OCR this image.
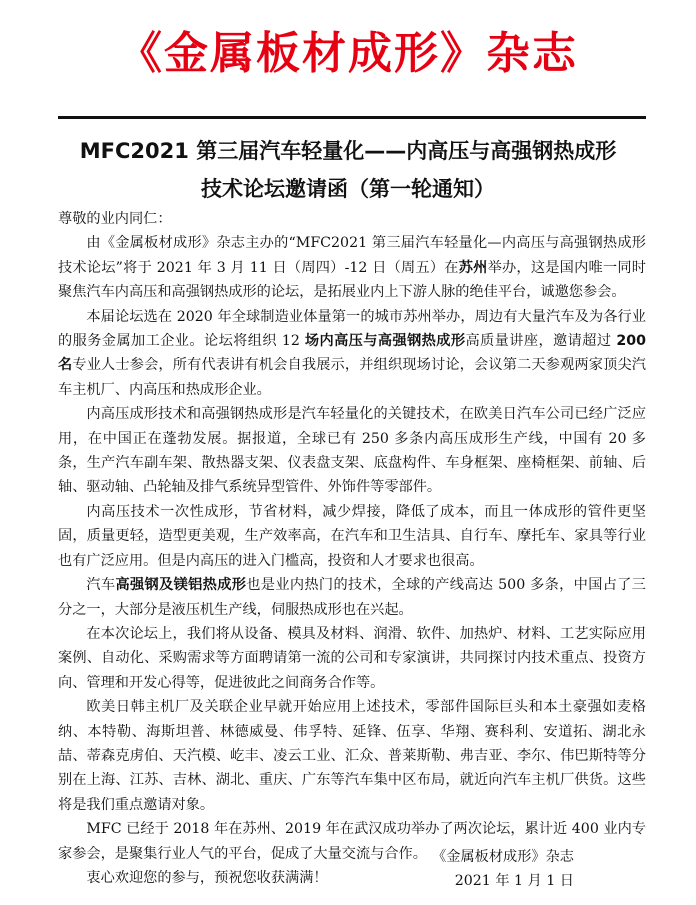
《金属板材成形》杂志
MFC2021 第三届汽车轻量化——内高压与高强钢热成形
技术论坛邀请函（第一轮通知）

尊敬的业内同仁：

由《金属板材成形》杂志主办的“MFC2021 第三届汽车轻量化—内高压与高强钢热成形技术论坛”将于 2021 年 3 月 11 日（周四）-12 日（周五）在苏州举办，这是国内唯一同时聚焦汽车内高压和高强钢热成形的论坛，是拓展业内上下游人脉的绝佳平台，诚邀您参会。

本届论坛选在 2020 年全球制造业体量第一的城市苏州举办，周边有大量汽车及为各行业的服务金属加工企业。论坛将组织 12 场内高压与高强钢热成形高质量讲座，邀请超过 200 名专业人士参会，所有代表讲有机会自我展示，并组织现场讨论，会议第二天参观两家顶尖汽车主机厂、内高压和热成形企业。

内高压成形技术和高强钢热成形是汽车轻量化的关键技术，在欧美日汽车公司已经广泛应用，在中国正在蓬勃发展。据报道，全球已有 250 多条内高压成形生产线，中国有 20 多条，生产汽车副车架、散热器支架、仪表盘支架、底盘构件、车身框架、座椅框架、前轴、后轴、驱动轴、凸轮轴及排气系统异型管件、外饰件等零部件。

内高压技术一次性成形，节省材料，减少焊接，降低了成本，而且一体成形的管件更坚固，质量更轻，造型更美观，生产效率高，在汽车和卫生洁具、自行车、摩托车、家具等行业也有广泛应用。但是内高压的进入门槛高，投资和人才要求也很高。

汽车高强钢及镁铝热成形也是业内热门的技术，全球的产线高达 500 多条，中国占了三分之一，大部分是液压机生产线，伺服热成形也在兴起。

在本次论坛上，我们将从设备、模具及材料、润滑、软件、加热炉、材料、工艺实际应用案例、自动化、采购需求等方面聘请第一流的公司和专家演讲，共同探讨内技术重点、投资方向、管理和开发心得等，促进彼此之间商务合作等。

欧美日韩主机厂及关联企业早就开始应用上述技术，零部件国际巨头和本土豪强如麦格纳、本特勒、海斯坦普、林德威曼、伟孚特、延锋、伍享、华翔、赛科利、安道拓、湖北永喆、蒂森克虏伯、天汽模、屹丰、凌云工业、汇众、普莱斯勒、弗吉亚、李尔、伟巴斯特等分别在上海、江苏、吉林、湖北、重庆、广东等汽车集中区布局，就近向汽车主机厂供货。这些将是我们重点邀请对象。

MFC 已经于 2018 年在苏州、2019 年在武汉成功举办了两次论坛，累计近 400 业内专家参会，是聚集行业人气的平台，促成了大量交流与合作。

衷心欢迎您的参与，预祝您收获满满！

《金属板材成形》杂志
2021 年 1 月 1 日
